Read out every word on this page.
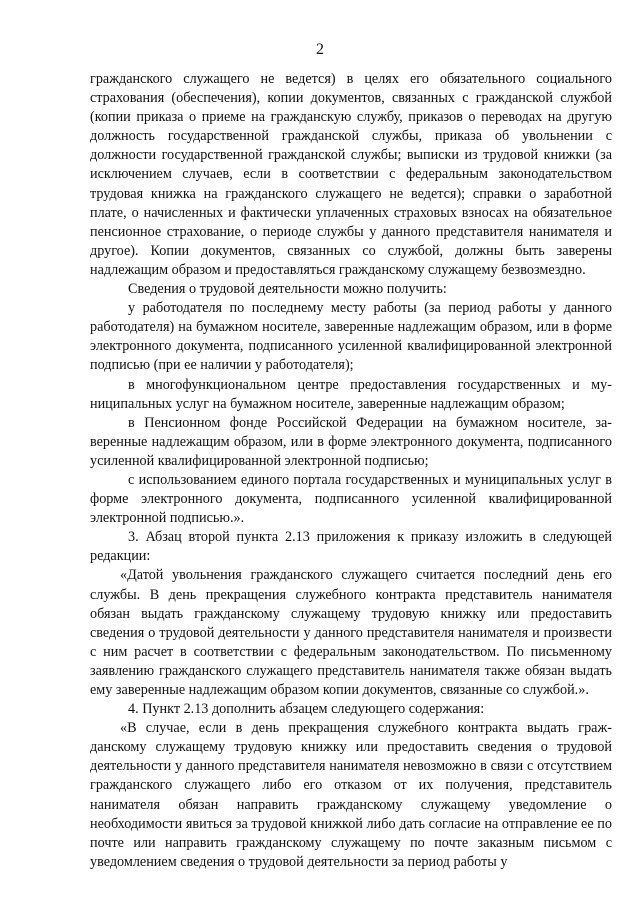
2

гражданского служащего не ведется) в целях его обязательного социального страхования (обеспечения), копии документов, связанных с гражданской службой (копии приказа о приеме на гражданскую службу, приказов о переводах на другую должность государственной гражданской службы, приказа об увольнении с должности государственной гражданской службы; выписки из трудовой книжки (за исключением случаев, если в соответствии с федеральным законодательством трудовая книжка на гражданского служащего не ведется); справки о заработной плате, о начисленных и фактически уплаченных страховых взносах на обязательное пенсионное страхование, о периоде службы у данного представителя нанимателя и другое). Копии документов, связанных со службой, должны быть заверены надлежащим образом и предоставляться гражданскому служащему безвозмездно.

Сведения о трудовой деятельности можно получить:

у работодателя по последнему месту работы (за период работы у данного работодателя) на бумажном носителе, заверенные надлежащим образом, или в форме электронного документа, подписанного усиленной квалифицированной электронной подписью (при ее наличии у работодателя);

в многофункциональном центре предоставления государственных и муниципальных услуг на бумажном носителе, заверенные надлежащим образом;

в Пенсионном фонде Российской Федерации на бумажном носителе, заверенные надлежащим образом, или в форме электронного документа, подписанного усиленной квалифицированной электронной подписью;

с использованием единого портала государственных и муниципальных услуг в форме электронного документа, подписанного усиленной квалифицированной электронной подписью.».

3. Абзац второй пункта 2.13 приложения к приказу изложить в следующей редакции:

«Датой увольнения гражданского служащего считается последний день его службы. В день прекращения служебного контракта представитель нанимателя обязан выдать гражданскому служащему трудовую книжку или предоставить сведения о трудовой деятельности у данного представителя нанимателя и произвести с ним расчет в соответствии с федеральным законодательством. По письменному заявлению гражданского служащего представитель нанимателя также обязан выдать ему заверенные надлежащим образом копии документов, связанные со службой.».

4. Пункт 2.13 дополнить абзацем следующего содержания:

«В случае, если в день прекращения служебного контракта выдать гражданскому служащему трудовую книжку или предоставить сведения о трудовой деятельности у данного представителя нанимателя невозможно в связи с отсутствием гражданского служащего либо его отказом от их получения, представитель нанимателя обязан направить гражданскому служащему уведомление о необходимости явиться за трудовой книжкой либо дать согласие на отправление ее по почте или направить гражданскому служащему по почте заказным письмом с уведомлением сведения о трудовой деятельности за период работы у
